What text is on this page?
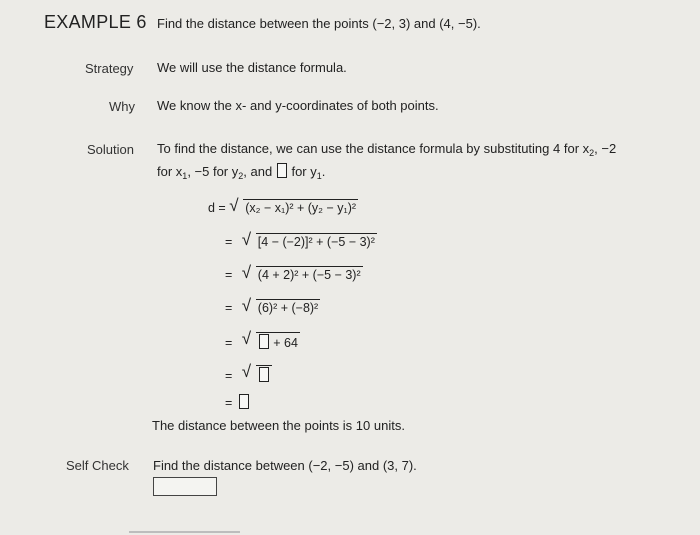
EXAMPLE 6 Find the distance between the points (−2, 3) and (4, −5).
Strategy We will use the distance formula.
Why We know the x- and y-coordinates of both points.
Solution To find the distance, we can use the distance formula by substituting 4 for $x_2$, −2
for $x_1$, −5 for $y_2$, and for $y_1$.
d = √ (x₂ − x₁)² + (y₂ − y₁)²
= √ [4 − (−2)]² + (−5 − 3)²
= √ (4 + 2)² + (−5 − 3)²
= √ (6)² + (−8)²
= √ + 64
= √
=
The distance between the points is 10 units.
Self Check Find the distance between (−2, −5) and (3, 7).
